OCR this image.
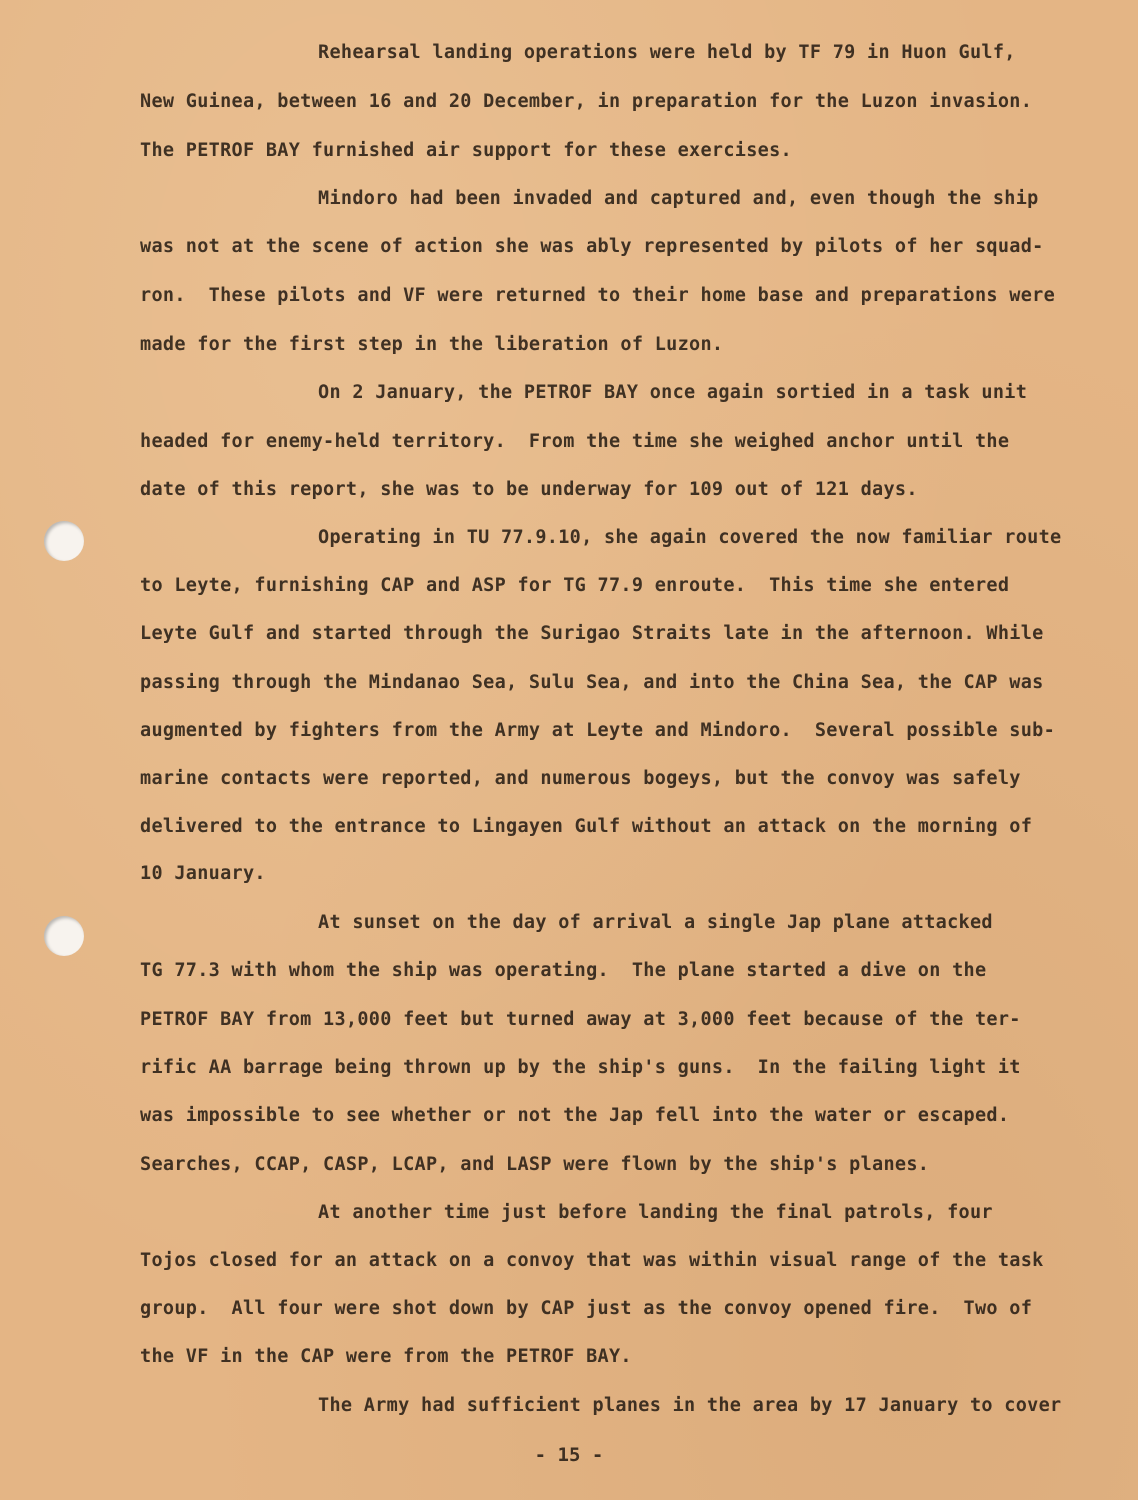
Rehearsal landing operations were held by TF 79 in Huon Gulf,
New Guinea, between 16 and 20 December, in preparation for the Luzon invasion.
The PETROF BAY furnished air support for these exercises.
Mindoro had been invaded and captured and, even though the ship
was not at the scene of action she was ably represented by pilots of her squad-
ron.  These pilots and VF were returned to their home base and preparations were
made for the first step in the liberation of Luzon.
On 2 January, the PETROF BAY once again sortied in a task unit
headed for enemy-held territory.  From the time she weighed anchor until the
date of this report, she was to be underway for 109 out of 121 days.
Operating in TU 77.9.10, she again covered the now familiar route
to Leyte, furnishing CAP and ASP for TG 77.9 enroute.  This time she entered
Leyte Gulf and started through the Surigao Straits late in the afternoon. While
passing through the Mindanao Sea, Sulu Sea, and into the China Sea, the CAP was
augmented by fighters from the Army at Leyte and Mindoro.  Several possible sub-
marine contacts were reported, and numerous bogeys, but the convoy was safely
delivered to the entrance to Lingayen Gulf without an attack on the morning of
10 January.
At sunset on the day of arrival a single Jap plane attacked
TG 77.3 with whom the ship was operating.  The plane started a dive on the
PETROF BAY from 13,000 feet but turned away at 3,000 feet because of the ter-
rific AA barrage being thrown up by the ship's guns.  In the failing light it
was impossible to see whether or not the Jap fell into the water or escaped.
Searches, CCAP, CASP, LCAP, and LASP were flown by the ship's planes.
At another time just before landing the final patrols, four
Tojos closed for an attack on a convoy that was within visual range of the task
group.  All four were shot down by CAP just as the convoy opened fire.  Two of
the VF in the CAP were from the PETROF BAY.
The Army had sufficient planes in the area by 17 January to cover
- 15 -
